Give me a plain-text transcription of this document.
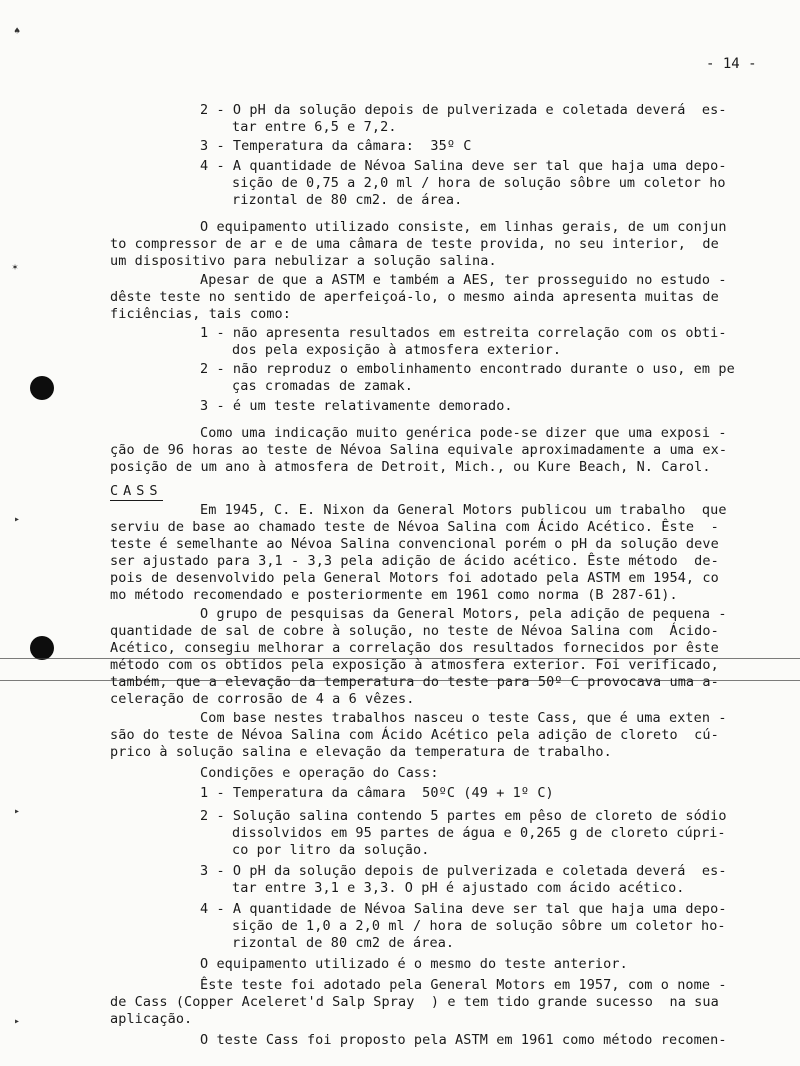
- 14 -
♠
✶
▸
▸
▸
2 - O pH da solução depois de pulverizada e coletada deverá  es-
tar entre 6,5 e 7,2.
3 - Temperatura da câmara:  35º C
4 - A quantidade de Névoa Salina deve ser tal que haja uma depo-
sição de 0,75 a 2,0 ml / hora de solução sôbre um coletor ho
rizontal de 80 cm2. de área.
O equipamento utilizado consiste, em linhas gerais, de um conjun
to compressor de ar e de uma câmara de teste provida, no seu interior,  de
um dispositivo para nebulizar a solução salina.
Apesar de que a ASTM e também a AES, ter prosseguido no estudo -
dêste teste no sentido de aperfeiçoá-lo, o mesmo ainda apresenta muitas de
ficiências, tais como:
1 - não apresenta resultados em estreita correlação com os obti-
dos pela exposição à atmosfera exterior.
2 - não reproduz o embolinhamento encontrado durante o uso, em pe
ças cromadas de zamak.
3 - é um teste relativamente demorado.
Como uma indicação muito genérica pode-se dizer que uma exposi -
ção de 96 horas ao teste de Névoa Salina equivale aproximadamente a uma ex-
posição de um ano à atmosfera de Detroit, Mich., ou Kure Beach, N. Carol.
CASS
Em 1945, C. E. Nixon da General Motors publicou um trabalho  que
serviu de base ao chamado teste de Névoa Salina com Ácido Acético. Êste  -
teste é semelhante ao Névoa Salina convencional porém o pH da solução deve
ser ajustado para 3,1 - 3,3 pela adição de ácido acético. Êste método  de-
pois de desenvolvido pela General Motors foi adotado pela ASTM em 1954, co
mo método recomendado e posteriormente em 1961 como norma (B 287-61).
O grupo de pesquisas da General Motors, pela adição de pequena -
quantidade de sal de cobre à solução, no teste de Névoa Salina com  Ácido-
Acético, consegiu melhorar a correlação dos resultados fornecidos por êste
método com os obtidos pela exposição à atmosfera exterior. Foi verificado,
também, que a elevação da temperatura do teste para 50º C provocava uma a-
celeração de corrosão de 4 a 6 vêzes.
Com base nestes trabalhos nasceu o teste Cass, que é uma exten -
são do teste de Névoa Salina com Ácido Acético pela adição de cloreto  cú-
prico à solução salina e elevação da temperatura de trabalho.
Condições e operação do Cass:
1 - Temperatura da câmara  50ºC (49 + 1º C)
2 - Solução salina contendo 5 partes em pêso de cloreto de sódio
dissolvidos em 95 partes de água e 0,265 g de cloreto cúpri-
co por litro da solução.
3 - O pH da solução depois de pulverizada e coletada deverá  es-
tar entre 3,1 e 3,3. O pH é ajustado com ácido acético.
4 - A quantidade de Névoa Salina deve ser tal que haja uma depo-
sição de 1,0 a 2,0 ml / hora de solução sôbre um coletor ho-
rizontal de 80 cm2 de área.
O equipamento utilizado é o mesmo do teste anterior.
Êste teste foi adotado pela General Motors em 1957, com o nome -
de Cass (Copper Aceleret'd Salp Spray  ) e tem tido grande sucesso  na sua
aplicação.
O teste Cass foi proposto pela ASTM em 1961 como método recomen-
